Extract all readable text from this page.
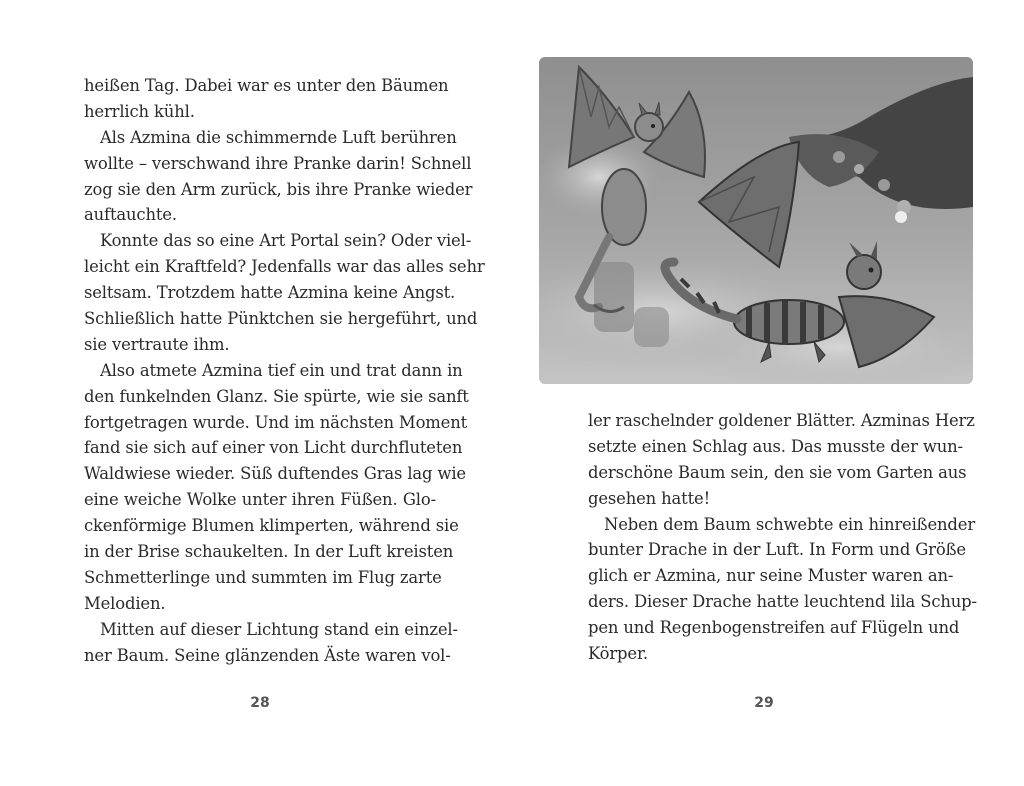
heißen Tag. Dabei war es unter den Bäumen
herrlich kühl.
Als Azmina die schimmernde Luft berühren
wollte – verschwand ihre Pranke darin! Schnell
zog sie den Arm zurück, bis ihre Pranke wieder
auftauchte.
Konnte das so eine Art Portal sein? Oder viel-
leicht ein Kraftfeld? Jedenfalls war das alles sehr
seltsam. Trotzdem hatte Azmina keine Angst.
Schließlich hatte Pünktchen sie hergeführt, und
sie vertraute ihm.
Also atmete Azmina tief ein und trat dann in
den funkelnden Glanz. Sie spürte, wie sie sanft
fortgetragen wurde. Und im nächsten Moment
fand sie sich auf einer von Licht durchfluteten
Waldwiese wieder. Süß duftendes Gras lag wie
eine weiche Wolke unter ihren Füßen. Glo-
ckenförmige Blumen klimperten, während sie
in der Brise schaukelten. In der Luft kreisten
Schmetterlinge und summten im Flug zarte
Melodien.
Mitten auf dieser Lichtung stand ein einzel-
ner Baum. Seine glänzenden Äste waren vol-
28
ler raschelnder goldener Blätter. Azminas Herz
setzte einen Schlag aus. Das musste der wun-
derschöne Baum sein, den sie vom Garten aus
gesehen hatte!
Neben dem Baum schwebte ein hinreißender
bunter Drache in der Luft. In Form und Größe
glich er Azmina, nur seine Muster waren an-
ders. Dieser Drache hatte leuchtend lila Schup-
pen und Regenbogenstreifen auf Flügeln und
Körper.
29
